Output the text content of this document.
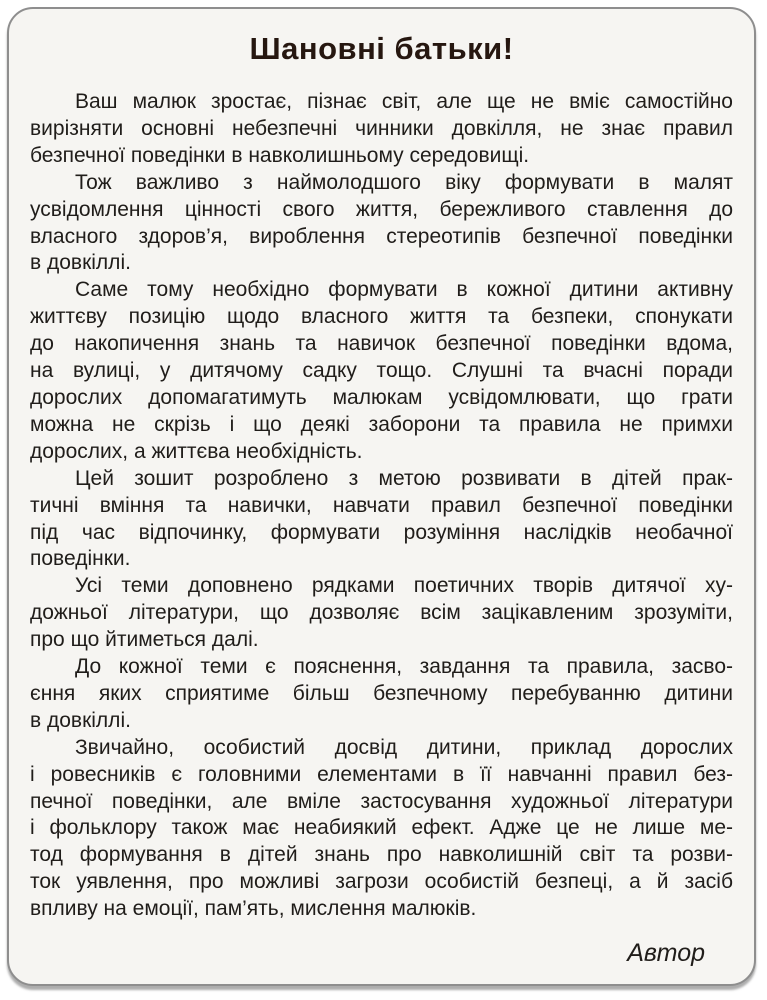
Шановні батьки!
Ваш малюк зростає, пізнає світ, але ще не вміє самостійно
вирізняти основні небезпечні чинники довкілля, не знає правил
безпечної поведінки в навколишньому середовищі.
Тож важливо з наймолодшого віку формувати в малят
усвідомлення цінності свого життя, бережливого ставлення до
власного здоров’я, вироблення стереотипів безпечної поведінки
в довкіллі.
Саме тому необхідно формувати в кожної дитини активну
життєву позицію щодо власного життя та безпеки, спонукати
до накопичення знань та навичок безпечної поведінки вдома,
на вулиці, у дитячому садку тощо. Слушні та вчасні поради
дорослих допомагатимуть малюкам усвідомлювати, що грати
можна не скрізь і що деякі заборони та правила не примхи
дорослих, а життєва необхідність.
Цей зошит розроблено з метою розвивати в дітей прак-
тичні вміння та навички, навчати правил безпечної поведінки
під час відпочинку, формувати розуміння наслідків необачної
поведінки.
Усі теми доповнено рядками поетичних творів дитячої ху-
дожньої літератури, що дозволяє всім зацікавленим зрозуміти,
про що йтиметься далі.
До кожної теми є пояснення, завдання та правила, засво-
єння яких сприятиме більш безпечному перебуванню дитини
в довкіллі.
Звичайно, особистий досвід дитини, приклад дорослих
і ровесників є головними елементами в її навчанні правил без-
печної поведінки, але вміле застосування художньої літератури
і фольклору також має неабиякий ефект. Адже це не лише ме-
тод формування в дітей знань про навколишній світ та розви-
ток уявлення, про можливі загрози особистій безпеці, а й засіб
впливу на емоції, пам’ять, мислення малюків.
Автор
